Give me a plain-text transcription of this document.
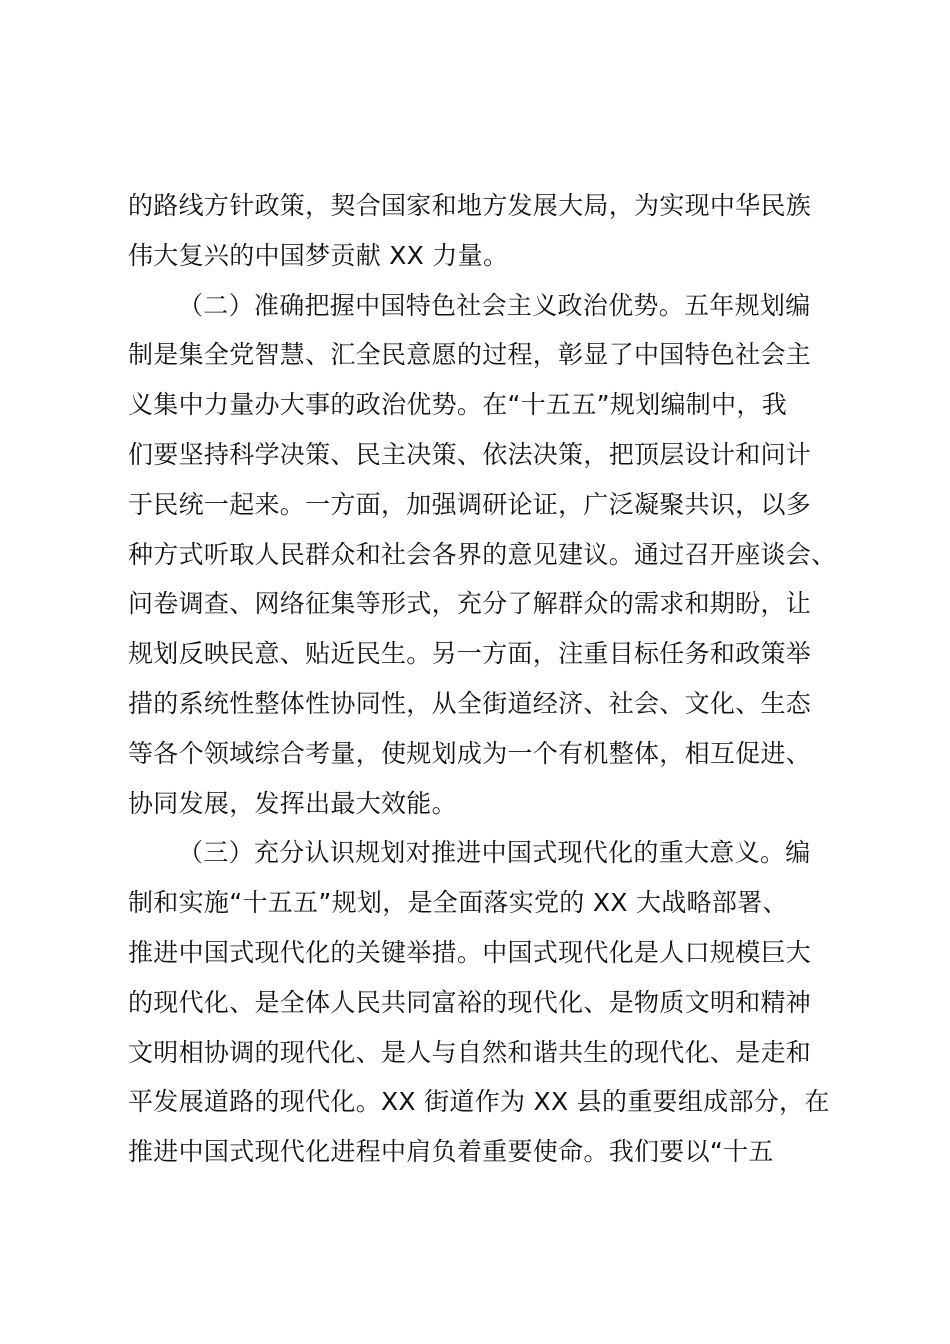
的路线方针政策，契合国家和地方发展大局，为实现中华民族
伟大复兴的中国梦贡献 XX 力量。
（二）准确把握中国特色社会主义政治优势。五年规划编
制是集全党智慧、汇全民意愿的过程，彰显了中国特色社会主
义集中力量办大事的政治优势。在“十五五”规划编制中，我
们要坚持科学决策、民主决策、依法决策，把顶层设计和问计
于民统一起来。一方面，加强调研论证，广泛凝聚共识，以多
种方式听取人民群众和社会各界的意见建议。通过召开座谈会、
问卷调查、网络征集等形式，充分了解群众的需求和期盼，让
规划反映民意、贴近民生。另一方面，注重目标任务和政策举
措的系统性整体性协同性，从全街道经济、社会、文化、生态
等各个领域综合考量，使规划成为一个有机整体，相互促进、
协同发展，发挥出最大效能。
（三）充分认识规划对推进中国式现代化的重大意义。编
制和实施“十五五”规划，是全面落实党的 XX 大战略部署、
推进中国式现代化的关键举措。中国式现代化是人口规模巨大
的现代化、是全体人民共同富裕的现代化、是物质文明和精神
文明相协调的现代化、是人与自然和谐共生的现代化、是走和
平发展道路的现代化。XX 街道作为 XX 县的重要组成部分，在
推进中国式现代化进程中肩负着重要使命。我们要以“十五
